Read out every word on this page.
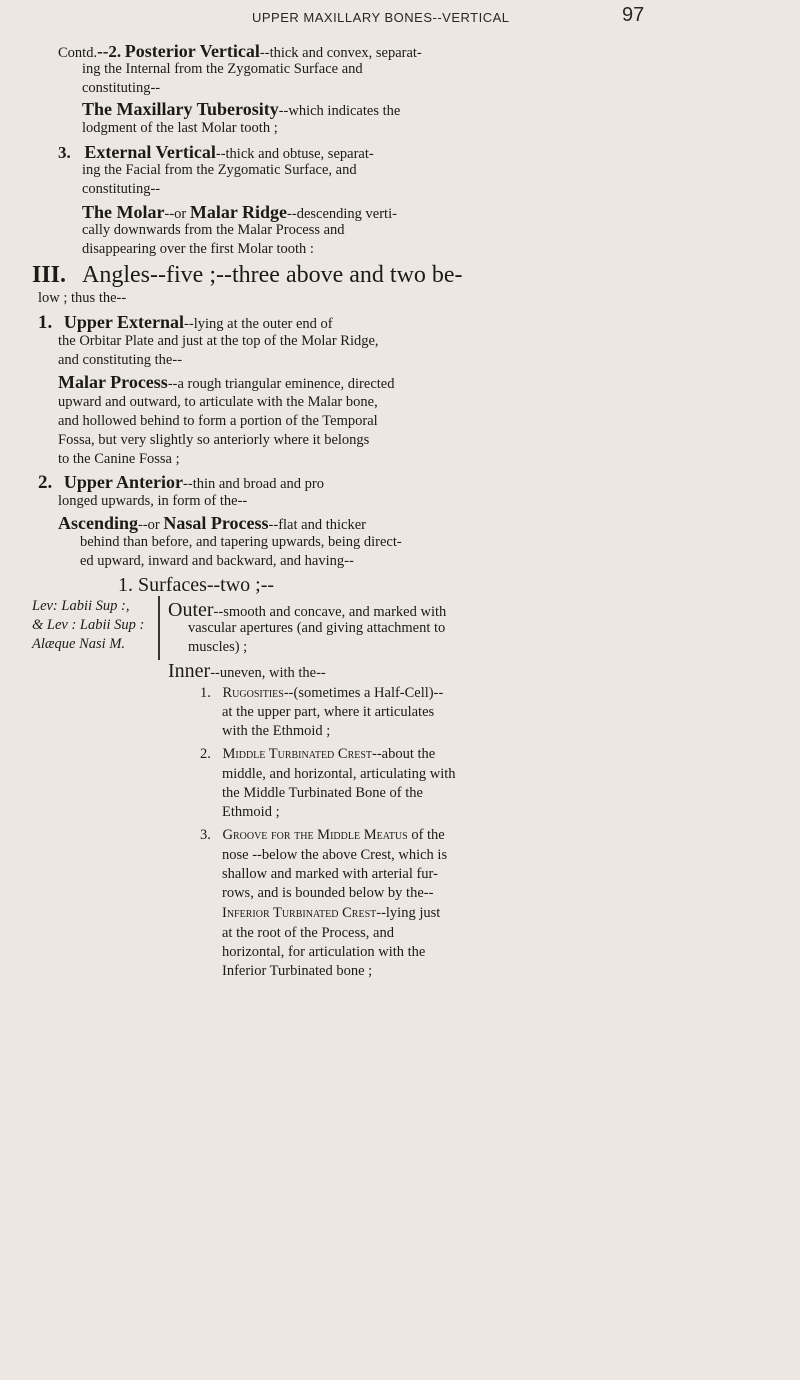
UPPER MAXILLARY BONES--VERTICAL	97
Contd.--2. Posterior Vertical--thick and convex, separat-
ing the Internal from the Zygomatic Surface and
constituting--
The Maxillary Tuberosity--which indicates the
lodgment of the last Molar tooth ;
3. External Vertical--thick and obtuse, separat-
ing the Facial from the Zygomatic Surface, and
constituting--
The Molar--or Malar Ridge--descending verti-
cally downwards from the Malar Process and
disappearing over the first Molar tooth :
III. Angles--five ;--three above and two be-
low ; thus the--
1. Upper External--lying at the outer end of
the Orbitar Plate and just at the top of the Molar Ridge,
and constituting the--
Malar Process--a rough triangular eminence, directed
upward and outward, to articulate with the Malar bone,
and hollowed behind to form a portion of the Temporal
Fossa, but very slightly so anteriorly where it belongs
to the Canine Fossa ;
2. Upper Anterior--thin and broad and pro
longed upwards, in form of the--
Ascending--or Nasal Process--flat and thicker
behind than before, and tapering upwards, being direct-
ed upward, inward and backward, and having--
1. Surfaces--two ;--
Lev: Labii Sup :,
& Lev : Labii Sup :
Alæque Nasi M.
Outer--smooth and concave, and marked with
vascular apertures (and giving attachment to
muscles) ;
Inner--uneven, with the--
1. Rugosities--(sometimes a Half-Cell)--
at the upper part, where it articulates
with the Ethmoid ;
2. Middle Turbinated Crest--about the
middle, and horizontal, articulating with
the Middle Turbinated Bone of the
Ethmoid ;
3. Groove for the Middle Meatus of the
nose --below the above Crest, which is
shallow and marked with arterial fur-
rows, and is bounded below by the--
Inferior Turbinated Crest--lying just
at the root of the Process, and
horizontal, for articulation with the
Inferior Turbinated bone ;
